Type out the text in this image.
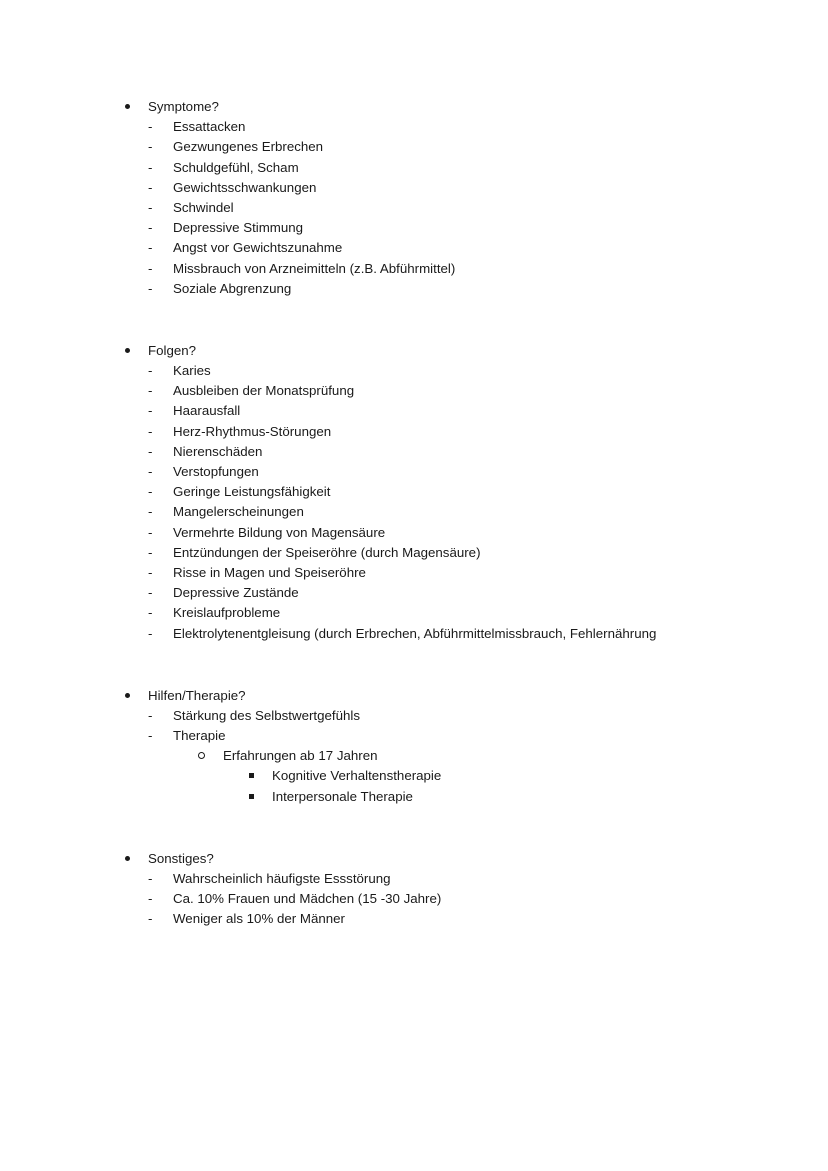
Symptome?
- Essattacken
- Gezwungenes Erbrechen
- Schuldgefühl, Scham
- Gewichtsschwankungen
- Schwindel
- Depressive Stimmung
- Angst vor Gewichtszunahme
- Missbrauch von Arzneimitteln (z.B. Abführmittel)
- Soziale Abgrenzung
Folgen?
- Karies
- Ausbleiben der Monatsprüfung
- Haarausfall
- Herz-Rhythmus-Störungen
- Nierenschäden
- Verstopfungen
- Geringe Leistungsfähigkeit
- Mangelerscheinungen
- Vermehrte Bildung von Magensäure
- Entzündungen der Speiseröhre (durch Magensäure)
- Risse in Magen und Speiseröhre
- Depressive Zustände
- Kreislaufprobleme
- Elektrolytenentgleisung (durch Erbrechen, Abführmittelmissbrauch, Fehlernährung
Hilfen/Therapie?
- Stärkung des Selbstwertgefühls
- Therapie
Erfahrungen ab 17 Jahren
Kognitive Verhaltenstherapie
Interpersonale Therapie
Sonstiges?
- Wahrscheinlich häufigste Essstörung
- Ca. 10% Frauen und Mädchen (15 -30 Jahre)
- Weniger als 10% der Männer
